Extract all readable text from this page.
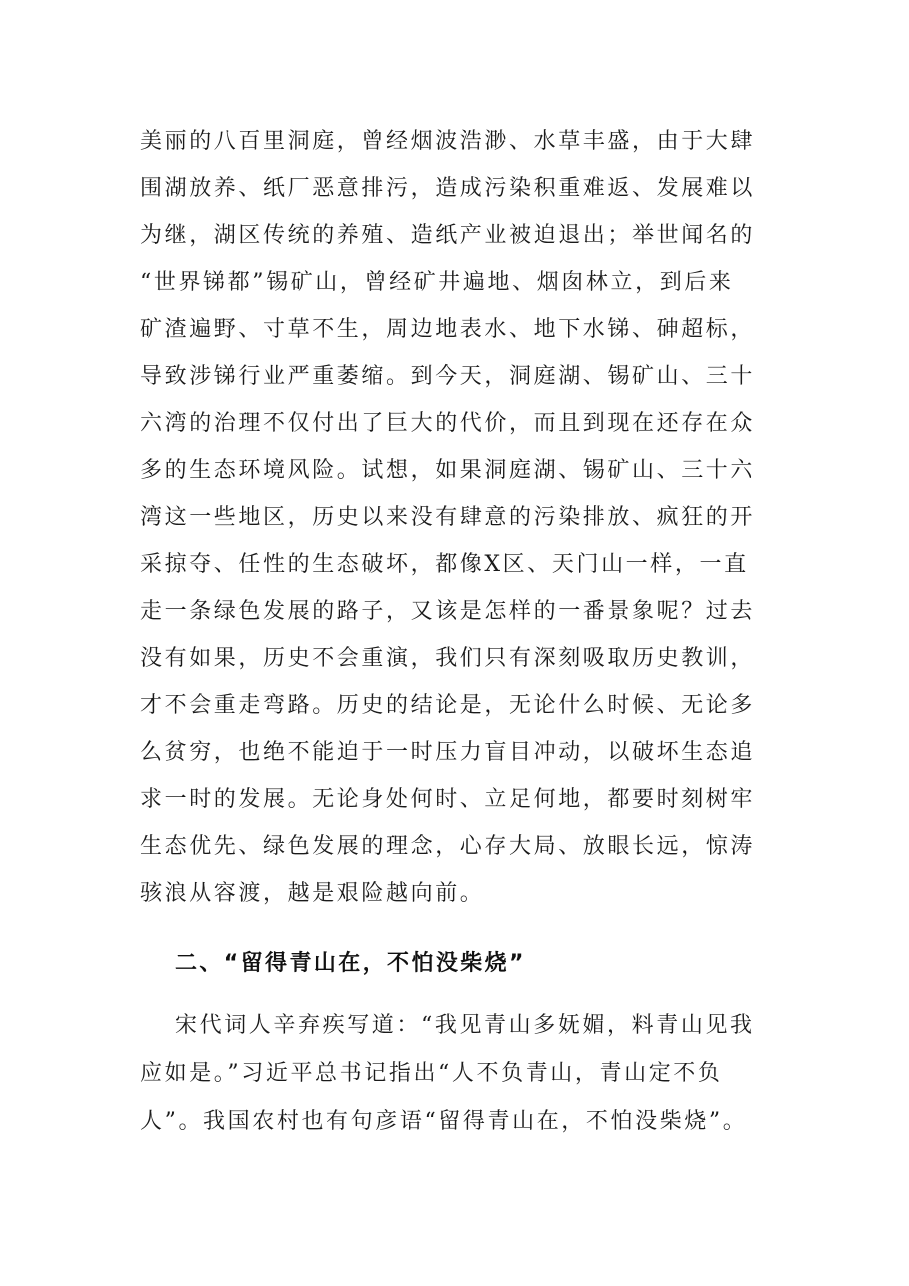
美丽的八百里洞庭，曾经烟波浩渺、水草丰盛，由于大肆
围湖放养、纸厂恶意排污，造成污染积重难返、发展难以
为继，湖区传统的养殖、造纸产业被迫退出；举世闻名的
“世界锑都”锡矿山，曾经矿井遍地、烟囱林立，到后来
矿渣遍野、寸草不生，周边地表水、地下水锑、砷超标，
导致涉锑行业严重萎缩。到今天，洞庭湖、锡矿山、三十
六湾的治理不仅付出了巨大的代价，而且到现在还存在众
多的生态环境风险。试想，如果洞庭湖、锡矿山、三十六
湾这一些地区，历史以来没有肆意的污染排放、疯狂的开
采掠夺、任性的生态破坏，都像X区、天门山一样，一直
走一条绿色发展的路子，又该是怎样的一番景象呢？过去
没有如果，历史不会重演，我们只有深刻吸取历史教训，
才不会重走弯路。历史的结论是，无论什么时候、无论多
么贫穷，也绝不能迫于一时压力盲目冲动，以破坏生态追
求一时的发展。无论身处何时、立足何地，都要时刻树牢
生态优先、绿色发展的理念，心存大局、放眼长远，惊涛
骇浪从容渡，越是艰险越向前。
二、“留得青山在，不怕没柴烧”
宋代词人辛弃疾写道：“我见青山多妩媚，料青山见我
应如是。”习近平总书记指出“人不负青山，青山定不负
人”。我国农村也有句彦语“留得青山在，不怕没柴烧”。
